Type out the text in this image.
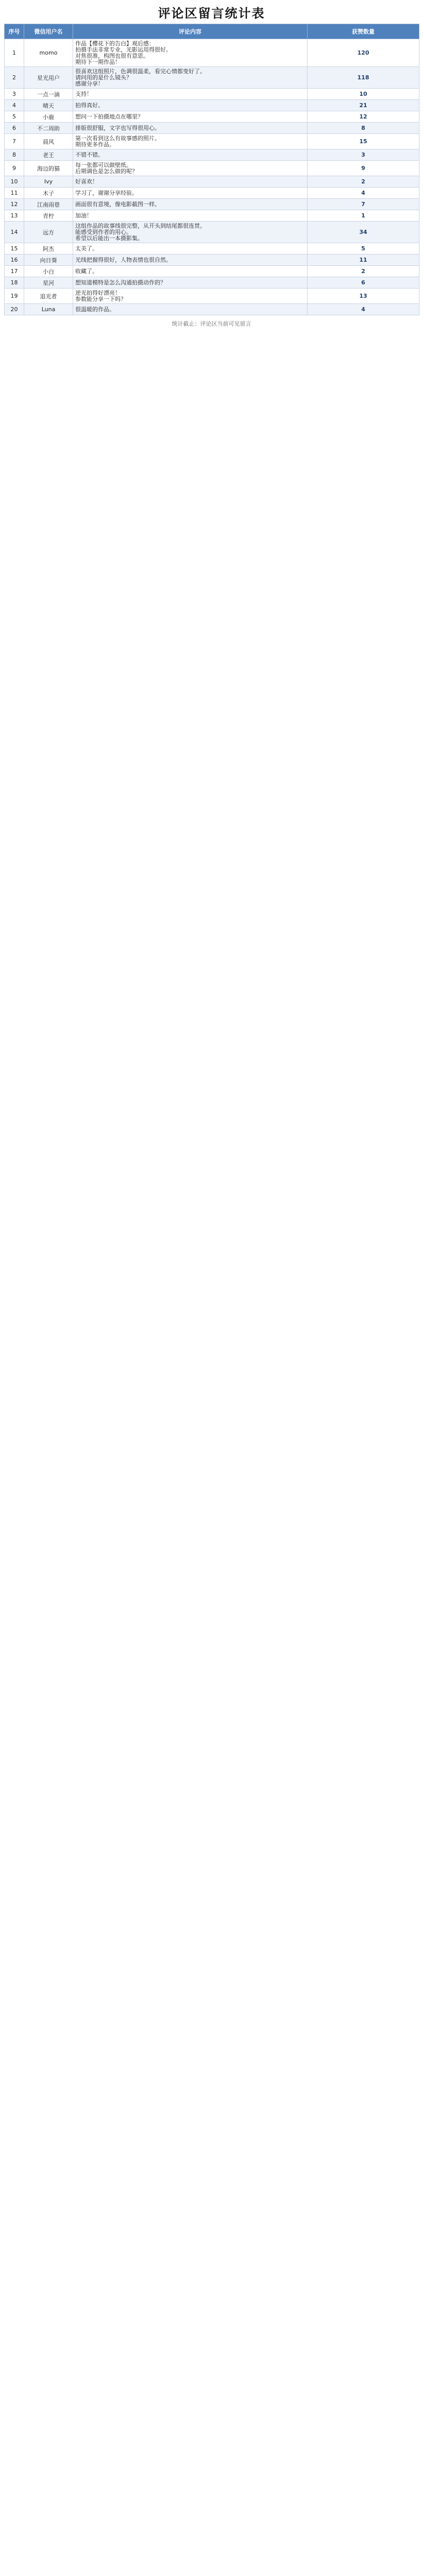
评论区留言统计表
序号	微信用户名	评论内容	获赞数量
1	momo	作品【樱花下的告白】观后感：
拍摄手法非常专业，光影运用得很好。
对焦很准，构图也很有意思。
期待下一期作品！	120
2	星光用户	很喜欢这组照片，色调很温柔，看完心情都变好了。
请问用的是什么镜头？
感谢分享！	118
3	一点一滴	支持！	10
4	晴天	拍得真好。	21
5	小鹿	想问一下拍摄地点在哪里？	12
6	不二周助	排版很舒服，文字也写得很用心。	8
7	晨风	第一次看到这么有故事感的照片。
期待更多作品。	15
8	老王	不错不错。	3
9	海边的猫	每一张都可以做壁纸。
后期调色是怎么做的呢？	9
10	Ivy	好喜欢！	2
11	木子	学习了，谢谢分享经验。	4
12	江南雨巷	画面很有意境，像电影截图一样。	7
13	青柠	加油！	1
14	远方	这组作品的故事线很完整，从开头到结尾都很连贯。
能感受到作者的用心。
希望以后能出一本摄影集。	34
15	阿杰	太美了。	5
16	向日葵	光线把握得很好，人物表情也很自然。	11
17	小白	收藏了。	2
18	星河	想知道模特是怎么沟通拍摄动作的？	6
19	追光者	逆光拍得好漂亮！
参数能分享一下吗？	13
20	Luna	很温暖的作品。	4
统计截止：评论区当前可见留言
